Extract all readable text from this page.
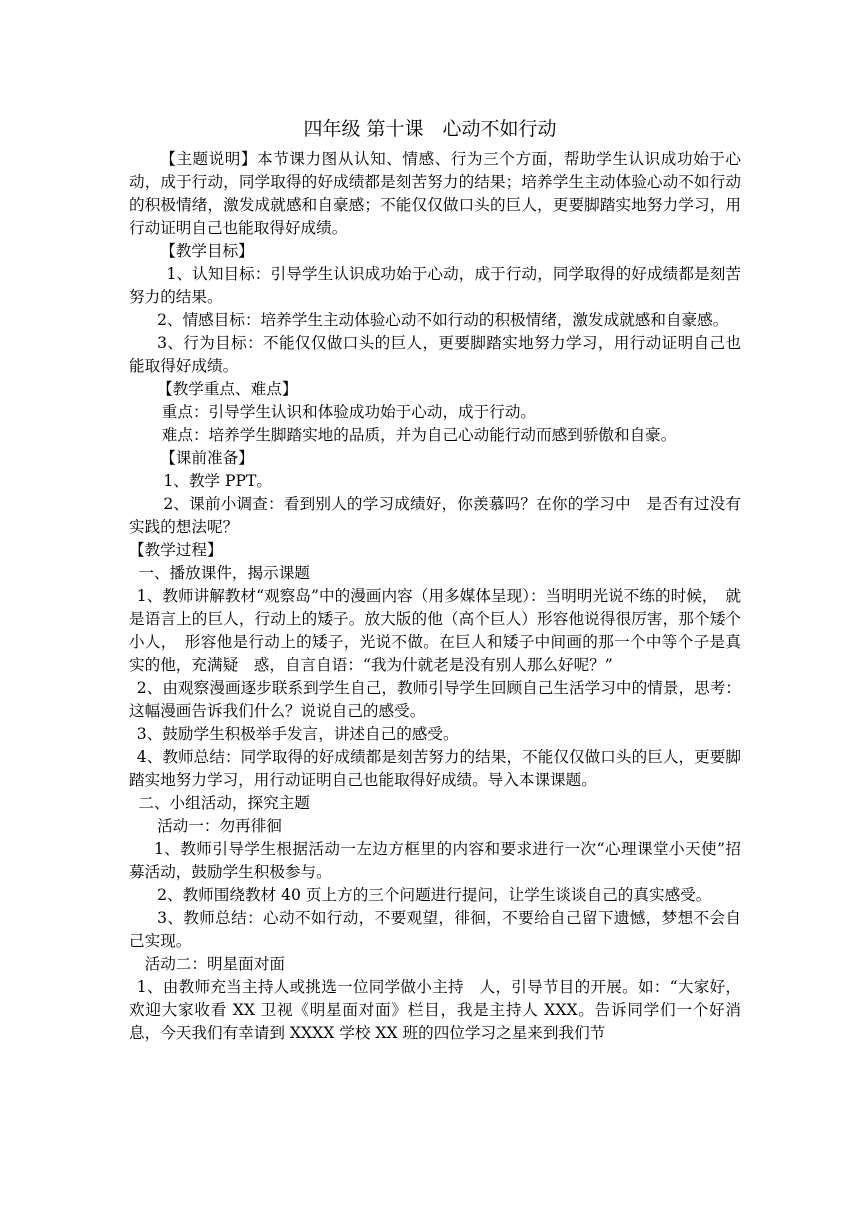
四年级 第十课　心动不如行动

【主题说明】本节课力图从认知、情感、行为三个方面，帮助学生认识成功始于心动，成于行动，同学取得的好成绩都是刻苦努力的结果；培养学生主动体验心动不如行动的积极情绪，激发成就感和自豪感；不能仅仅做口头的巨人，更要脚踏实地努力学习，用行动证明自己也能取得好成绩。

【教学目标】

1、认知目标：引导学生认识成功始于心动，成于行动，同学取得的好成绩都是刻苦努力的结果。

2、情感目标：培养学生主动体验心动不如行动的积极情绪，激发成就感和自豪感。

3、行为目标：不能仅仅做口头的巨人，更要脚踏实地努力学习，用行动证明自己也能取得好成绩。

【教学重点、难点】

重点：引导学生认识和体验成功始于心动，成于行动。

难点：培养学生脚踏实地的品质，并为自己心动能行动而感到骄傲和自豪。

【课前准备】

1、教学 PPT。

2、课前小调查：看到别人的学习成绩好，你羡慕吗？在你的学习中　是否有过没有实践的想法呢？

【教学过程】

一、播放课件，揭示课题

1、教师讲解教材“观察岛”中的漫画内容（用多媒体呈现）：当明明光说不练的时候，　就是语言上的巨人，行动上的矮子。放大版的他（高个巨人）形容他说得很厉害，那个矮个小人，　形容他是行动上的矮子，光说不做。在巨人和矮子中间画的那一个中等个子是真实的他，充满疑　惑，自言自语：“我为什就老是没有别人那么好呢？”

2、由观察漫画逐步联系到学生自己，教师引导学生回顾自己生活学习中的情景，思考：这幅漫画告诉我们什么？说说自己的感受。

3、鼓励学生积极举手发言，讲述自己的感受。

4、教师总结：同学取得的好成绩都是刻苦努力的结果，不能仅仅做口头的巨人，更要脚踏实地努力学习，用行动证明自己也能取得好成绩。导入本课课题。

二、小组活动，探究主题

活动一：勿再徘徊

1、教师引导学生根据活动一左边方框里的内容和要求进行一次“心理课堂小天使”招募活动，鼓励学生积极参与。

2、教师围绕教材 40 页上方的三个问题进行提问，让学生谈谈自己的真实感受。

3、教师总结：心动不如行动，不要观望，徘徊，不要给自己留下遗憾，梦想不会自己实现。

活动二：明星面对面

1、由教师充当主持人或挑选一位同学做小主持　人，引导节目的开展。如：“大家好，欢迎大家收看 XX 卫视《明星面对面》栏目，我是主持人 XXX。告诉同学们一个好消息，今天我们有幸请到 XXXX 学校 XX 班的四位学习之星来到我们节
